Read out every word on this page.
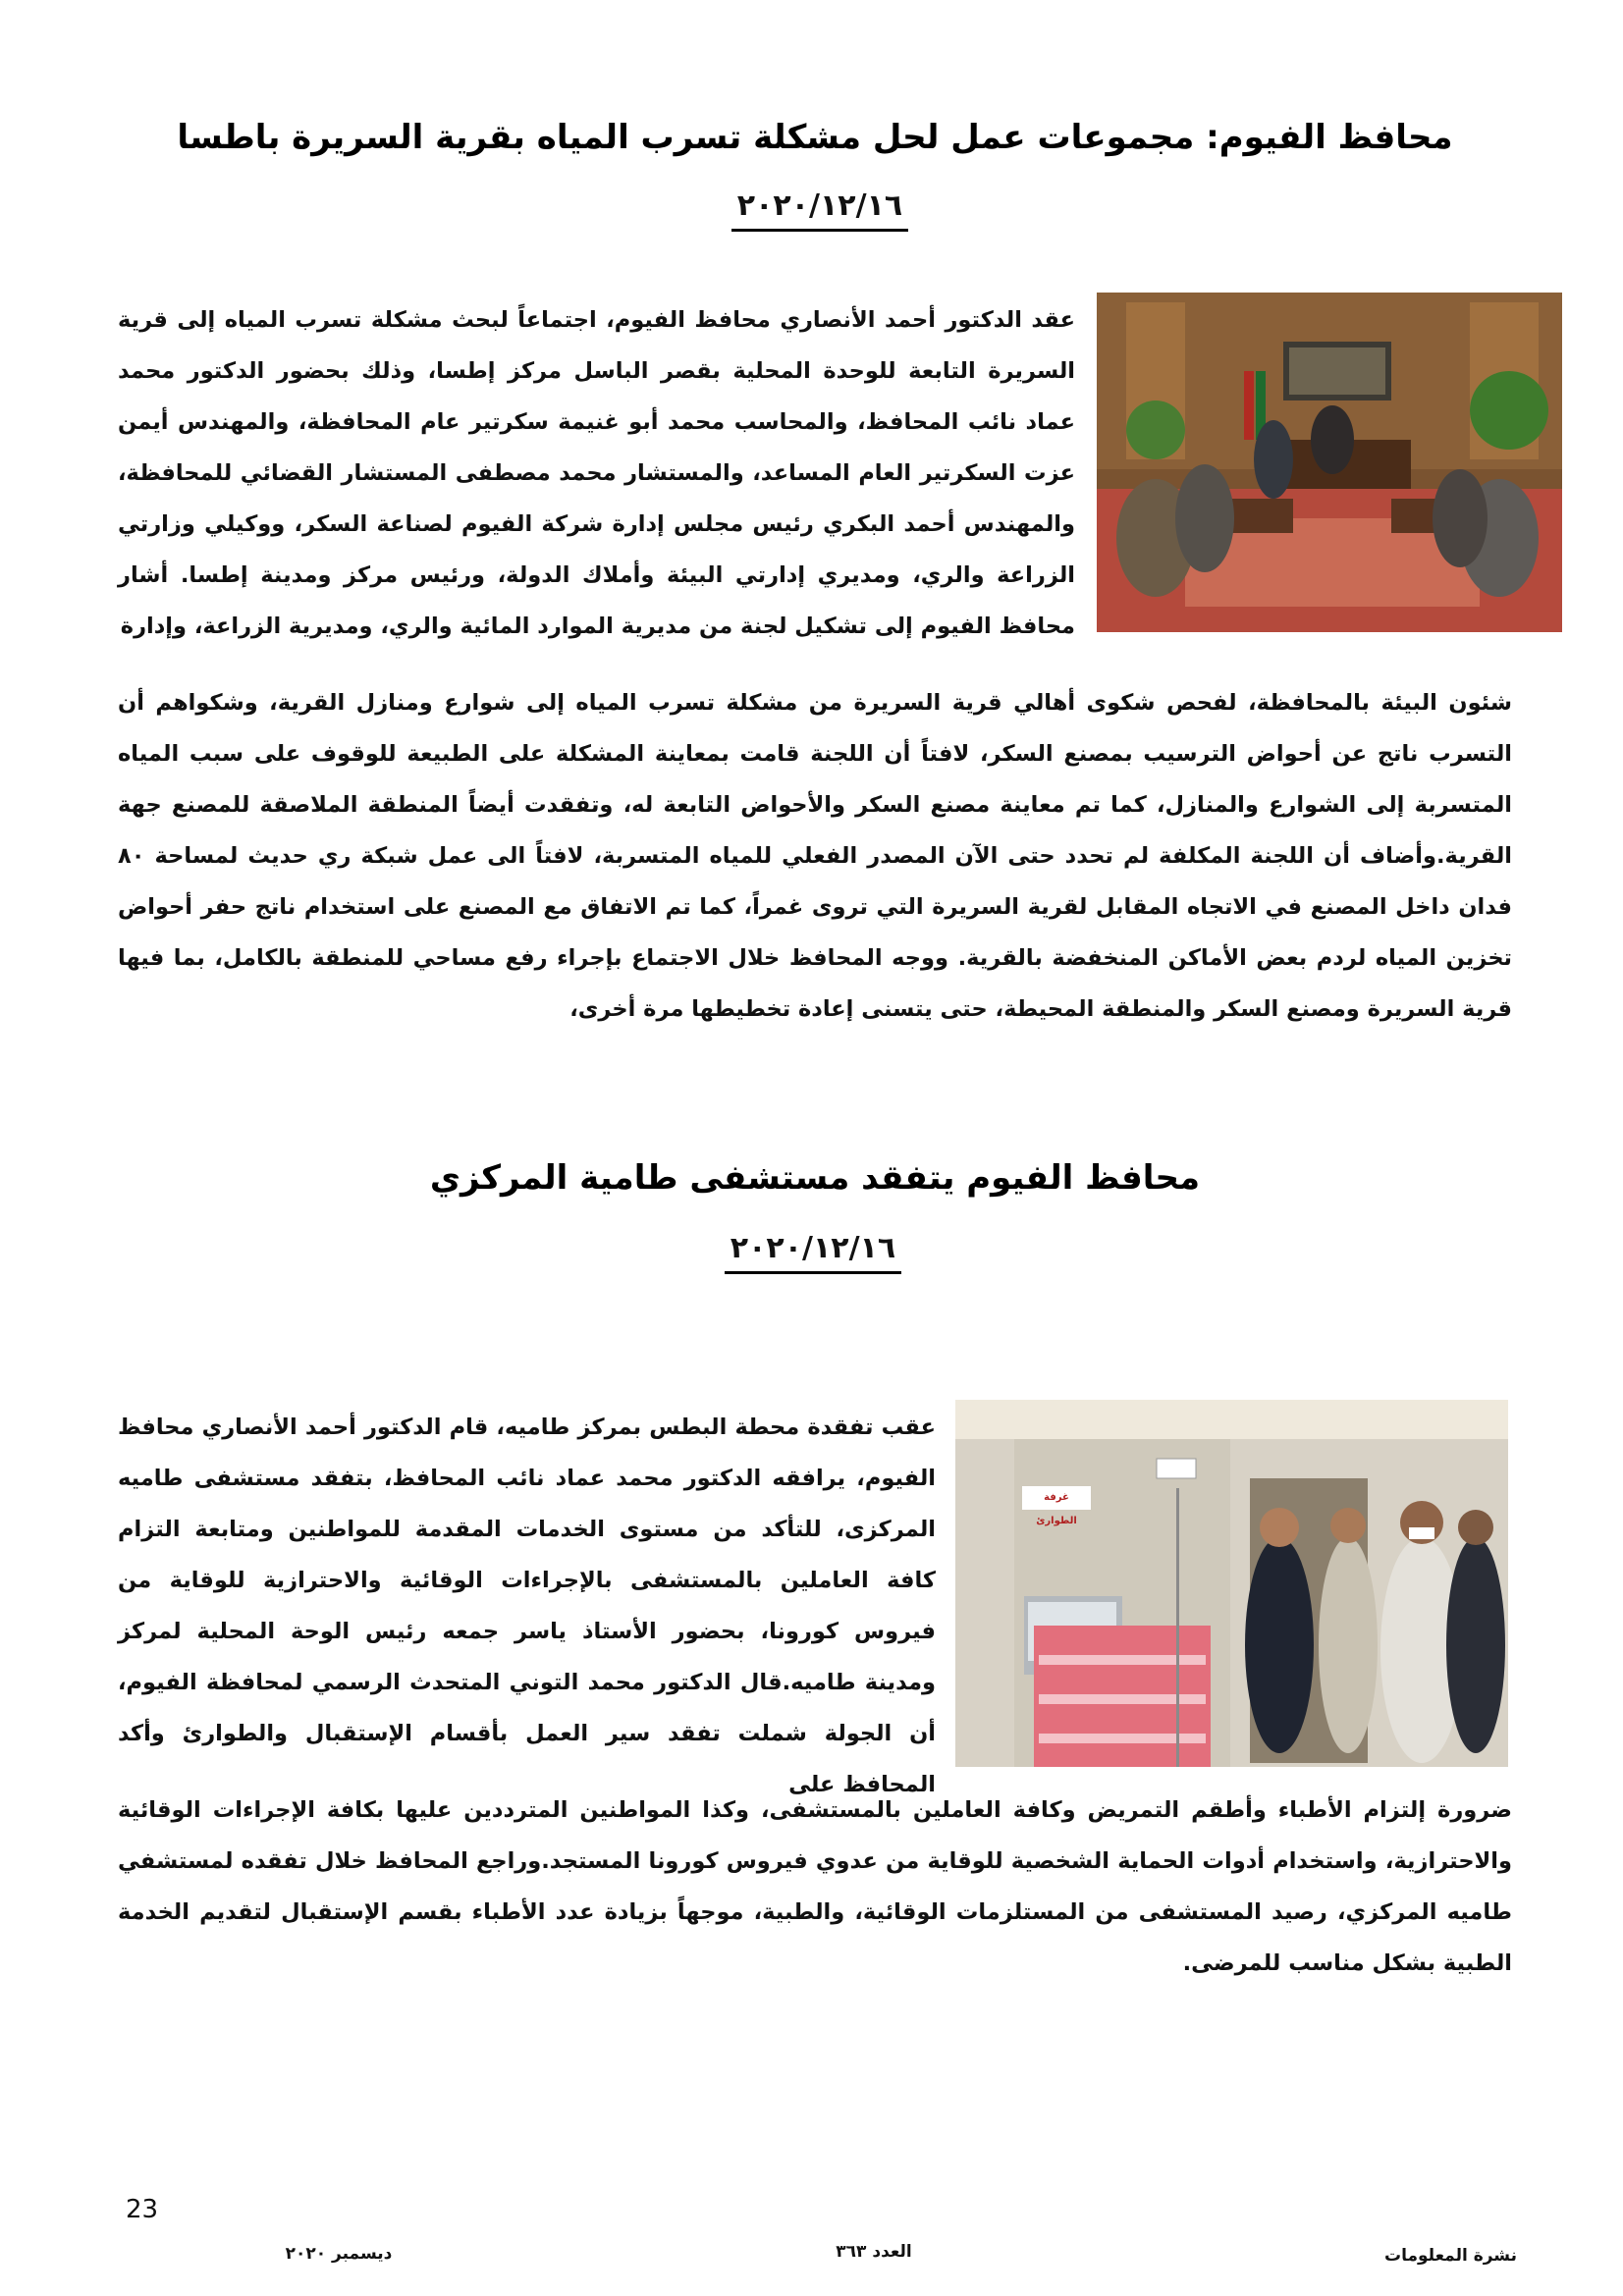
محافظ الفيوم: مجموعات عمل لحل مشكلة تسرب المياه بقرية السريرة باطسا
٢٠٢٠/١٢/١٦
عقد الدكتور أحمد الأنصاري محافظ الفيوم، اجتماعاً لبحث مشكلة تسرب المياه إلى قرية السريرة التابعة للوحدة المحلية بقصر الباسل مركز إطسا، وذلك بحضور الدكتور محمد عماد نائب المحافظ، والمحاسب محمد أبو غنيمة سكرتير عام المحافظة، والمهندس أيمن عزت السكرتير العام المساعد، والمستشار محمد مصطفى المستشار القضائي للمحافظة، والمهندس أحمد البكري رئيس مجلس إدارة شركة الفيوم لصناعة السكر، ووكيلي وزارتي الزراعة والري، ومديري إدارتي البيئة وأملاك الدولة، ورئيس مركز ومدينة إطسا. أشار محافظ الفيوم إلى تشكيل لجنة من مديرية الموارد المائية والري، ومديرية الزراعة، وإدارة
شئون البيئة بالمحافظة، لفحص شكوى أهالي قرية السريرة من مشكلة تسرب المياه إلى شوارع ومنازل القرية، وشكواهم أن التسرب ناتج عن أحواض الترسيب بمصنع السكر، لافتاً أن اللجنة قامت بمعاينة المشكلة على الطبيعة للوقوف على سبب المياه المتسربة إلى الشوارع والمنازل، كما تم معاينة مصنع السكر والأحواض التابعة له، وتفقدت أيضاً المنطقة الملاصقة للمصنع جهة القرية.وأضاف أن اللجنة المكلفة لم تحدد حتى الآن المصدر الفعلي للمياه المتسربة، لافتاً الى عمل شبكة ري حديث لمساحة ٨٠ فدان داخل المصنع في الاتجاه المقابل لقرية السريرة التي تروى غمراً، كما تم الاتفاق مع المصنع على استخدام ناتج حفر أحواض تخزين المياه لردم بعض الأماكن المنخفضة بالقرية. ووجه المحافظ خلال الاجتماع بإجراء رفع مساحي للمنطقة بالكامل، بما فيها قرية السريرة ومصنع السكر والمنطقة المحيطة، حتى يتسنى إعادة تخطيطها مرة أخرى،
محافظ الفيوم يتفقد مستشفى طامية المركزي
٢٠٢٠/١٢/١٦
غرفة الطوارئ
عقب تفقدة محطة البطس بمركز طاميه، قام الدكتور أحمد الأنصاري محافظ الفيوم، يرافقه الدكتور محمد عماد نائب المحافظ، بتفقد مستشفى طاميه المركزى، للتأكد من مستوى الخدمات المقدمة للمواطنين ومتابعة التزام كافة العاملين بالمستشفى بالإجراءات الوقائية والاحترازية للوقاية من فيروس كورونا، بحضور الأستاذ ياسر جمعه رئيس الوحة المحلية لمركز ومدينة طاميه.قال الدكتور محمد التوني المتحدث الرسمي لمحافظة الفيوم، أن الجولة شملت تفقد سير العمل بأقسام الإستقبال والطوارئ وأكد المحافظ على
ضرورة إلتزام الأطباء وأطقم التمريض وكافة العاملين بالمستشفى، وكذا المواطنين المترددين عليها بكافة الإجراءات الوقائية والاحترازية، واستخدام أدوات الحماية الشخصية للوقاية من عدوي فيروس كورونا المستجد.وراجع المحافظ خلال تفقده لمستشفي طاميه المركزي، رصيد المستشفى من المستلزمات الوقائية، والطبية، موجهاً بزيادة عدد الأطباء بقسم الإستقبال لتقديم الخدمة الطبية بشكل مناسب للمرضى.
23
نشرة المعلومات
العدد ٣٦٣
ديسمبر ٢٠٢٠
